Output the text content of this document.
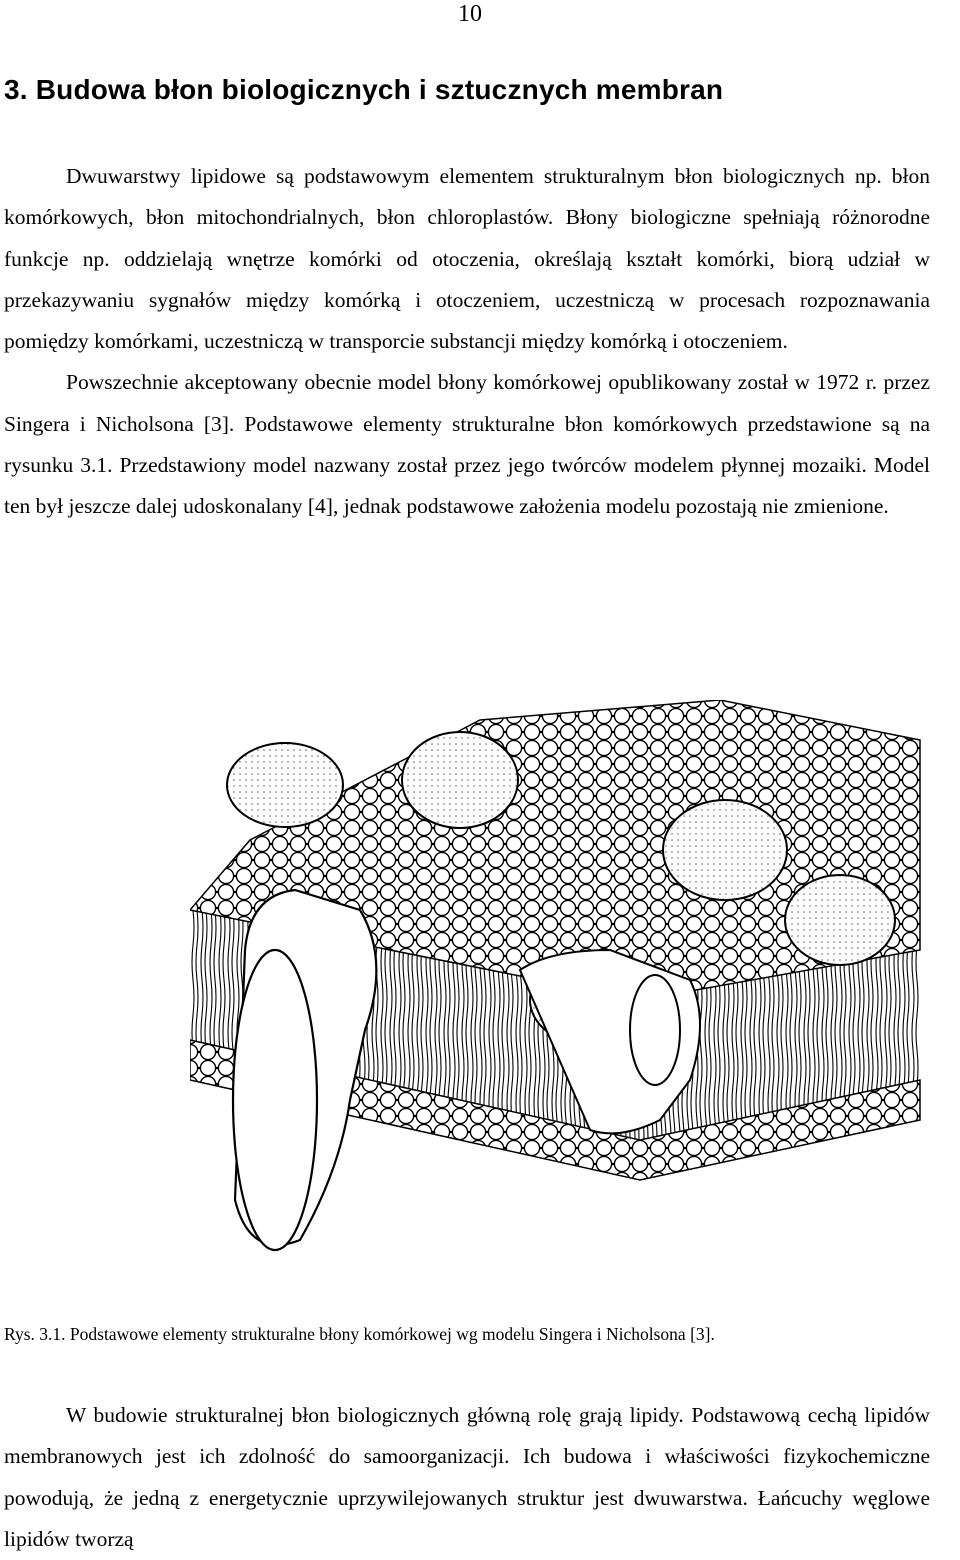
10
3. Budowa błon biologicznych i sztucznych membran

Dwuwarstwy lipidowe są podstawowym elementem strukturalnym błon biologicznych np. błon komórkowych, błon mitochondrialnych, błon chloroplastów. Błony biologiczne spełniają różnorodne funkcje np. oddzielają wnętrze komórki od otoczenia, określają kształt komórki, biorą udział w przekazywaniu sygnałów między komórką i otoczeniem, uczestniczą w procesach rozpoznawania pomiędzy komórkami, uczestniczą w transporcie substancji między komórką i otoczeniem.
Powszechnie akceptowany obecnie model błony komórkowej opublikowany został w 1972 r. przez Singera i Nicholsona [3]. Podstawowe elementy strukturalne błon komórkowych przedstawione są na rysunku 3.1. Przedstawiony model nazwany został przez jego twórców modelem płynnej mozaiki. Model ten był jeszcze dalej udoskonalany [4], jednak podstawowe założenia modelu pozostają nie zmienione.

Rys. 3.1. Podstawowe elementy strukturalne błony komórkowej wg modelu Singera i Nicholsona [3].

W budowie strukturalnej błon biologicznych główną rolę grają lipidy. Podstawową cechą lipidów membranowych jest ich zdolność do samoorganizacji. Ich budowa i właściwości fizykochemiczne powodują, że jedną z energetycznie uprzywilejowanych struktur jest dwuwarstwa. Łańcuchy węglowe lipidów tworzą
